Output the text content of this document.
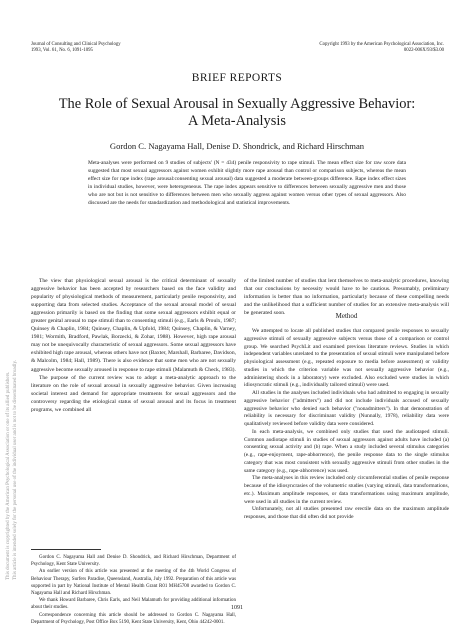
Journal of Consulting and Clinical Psychology
1993, Vol. 61, No. 6, 1091-1095
Copyright 1993 by the American Psychological Association, Inc.
0022-006X/93/$3.00
BRIEF REPORTS
The Role of Sexual Arousal in Sexually Aggressive Behavior:
A Meta-Analysis
Gordon C. Nagayama Hall, Denise D. Shondrick, and Richard Hirschman
Meta-analyses were performed on 9 studies of subjects' (N = 434) penile responsivity to rape stimuli. The mean effect size for raw score data suggested that most sexual aggressors against women exhibit slightly more rape arousal than control or comparison subjects, whereas the mean effect size for rape index (rape arousal:consenting sexual arousal) data suggested a moderate between-groups difference. Rape index effect sizes in individual studies, however, were heterogeneous. The rape index appears sensitive to differences between sexually aggressive men and those who are not but is not sensitive to differences between men who sexually aggress against women versus other types of sexual aggressors. Also discussed are the needs for standardization and methodological and statistical improvements.

The view that physiological sexual arousal is the critical determinant of sexually aggressive behavior has been accepted by researchers based on the face validity and popularity of physiological methods of measurement, particularly penile responsivity, and supporting data from selected studies. Acceptance of the sexual arousal model of sexual aggression primarily is based on the finding that some sexual aggressors exhibit equal or greater genital arousal to rape stimuli than to consenting stimuli (e.g., Earls & Proulx, 1987; Quinsey & Chaplin, 1984; Quinsey, Chaplin, & Upfold, 1984; Quinsey, Chaplin, & Varney, 1981; Wormith, Bradford, Pawlak, Borzecki, & Zohar, 1988). However, high rape arousal may not be unequivocally characteristic of sexual aggressors. Some sexual aggressors have exhibited high rape arousal, whereas others have not (Baxter, Marshall, Barbaree, Davidson, & Malcolm, 1984; Hall, 1989). There is also evidence that some men who are not sexually aggressive become sexually aroused in response to rape stimuli (Malamuth & Check, 1983).

The purpose of the current review was to adopt a meta-analytic approach to the literature on the role of sexual arousal in sexually aggressive behavior. Given increasing societal interest and demand for appropriate treatments for sexual aggressors and the controversy regarding the etiological status of sexual arousal and its focus in treatment programs, we combined all

of the limited number of studies that lent themselves to meta-analytic procedures, knowing that our conclusions by necessity would have to be cautious. Presumably, preliminary information is better than no information, particularly because of these compelling needs and the unlikelihood that a sufficient number of studies for an extensive meta-analysis will be generated soon.	Method

We attempted to locate all published studies that compared penile responses to sexually aggressive stimuli of sexually aggressive subjects versus those of a comparison or control group. We searched PsychLit and examined previous literature reviews. Studies in which independent variables unrelated to the presentation of sexual stimuli were manipulated before physiological assessment (e.g., repeated exposure to media before assessment) or validity studies in which the criterion variable was not sexually aggressive behavior (e.g., administering shock in a laboratory) were excluded. Also excluded were studies in which idiosyncratic stimuli (e.g., individually tailored stimuli) were used.

All studies in the analyses included individuals who had admitted to engaging in sexually aggressive behavior ("admitters") and did not include individuals accused of sexually aggressive behavior who denied such behavior ("nonadmitters"). In that demonstration of reliability is necessary for discriminant validity (Nunnally, 1978), reliability data were qualitatively reviewed before validity data were considered.

In each meta-analysis, we combined only studies that used the audiotaped stimuli. Common audiotape stimuli in studies of sexual aggressors against adults have included (a) consenting sexual activity and (b) rape. When a study included several stimulus categories (e.g., rape-enjoyment, rape-abhorrence), the penile response data to the single stimulus category that was most consistent with sexually aggressive stimuli from other studies in the same category (e.g., rape-abhorrence) was used.

The meta-analyses in this review included only circumferential studies of penile response because of the idiosyncrasies of the volumetric studies (varying stimuli, data transformations, etc.). Maximum amplitude responses, or data transformations using maximum amplitude, were used in all studies in the current review.

Unfortunately, not all studies presented raw erectile data on the maximum amplitude responses, and those that did often did not provide

Gordon C. Nagayama Hall and Denise D. Shondrick, and Richard Hirschman, Department of Psychology, Kent State University.

An earlier version of this article was presented at the meeting of the 4th World Congress of Behaviour Therapy, Surfers Paradise, Queensland, Australia, July 1992. Preparation of this article was supported in part by National Institute of Mental Health Grant R01 MH45700 awarded to Gordon C. Nagayama Hall and Richard Hirschman.

We thank Howard Barbaree, Chris Earls, and Neil Malamuth for providing additional information about their studies.

Correspondence concerning this article should be addressed to Gordon C. Nagayama Hall, Department of Psychology, Post Office Box 5190, Kent State University, Kent, Ohio 44242-0001.

1091
This document is copyrighted by the American Psychological Association or one of its allied publishers. This article is intended solely for the personal use of the individual user and is not to be disseminated broadly.
